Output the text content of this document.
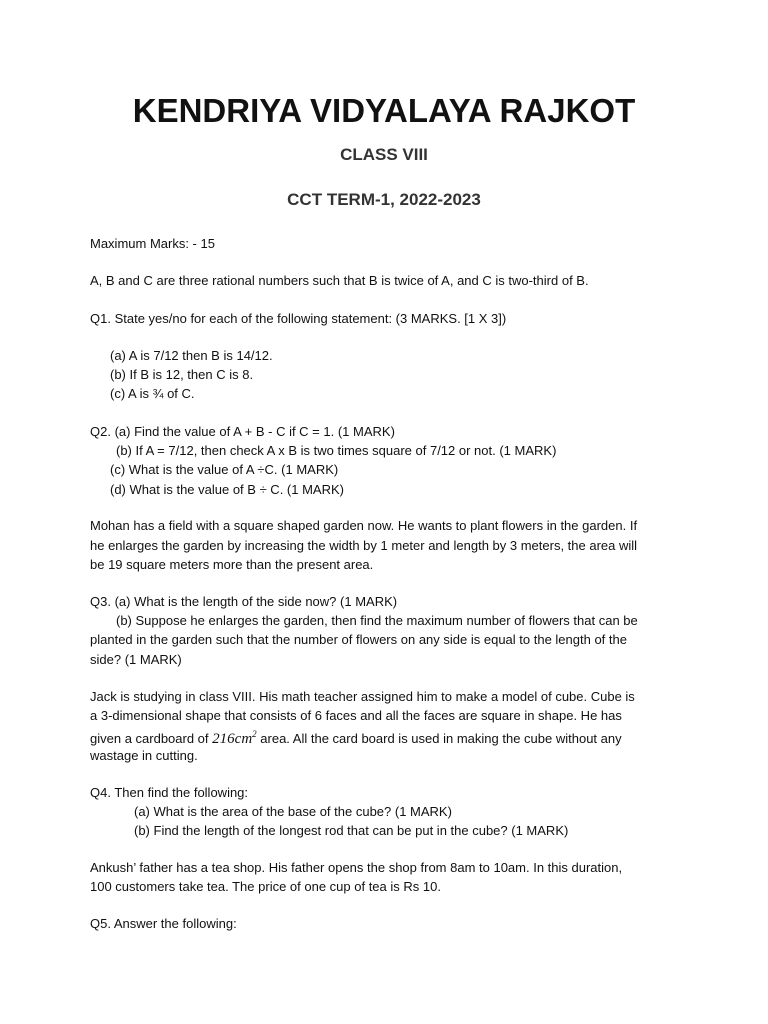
KENDRIYA VIDYALAYA RAJKOT
CLASS VIII
CCT TERM-1, 2022-2023
Maximum Marks: - 15
A, B and C are three rational numbers such that B is twice of A, and C is two-third of B.
Q1. State yes/no for each of the following statement: (3 MARKS. [1 X 3])
(a) A is 7/12 then B is 14/12.
(b) If B is 12, then C is 8.
(c) A is ¾ of C.
Q2. (a) Find the value of A + B - C if C = 1. (1 MARK)
(b) If A = 7/12, then check A x B is two times square of 7/12 or not. (1 MARK)
(c) What is the value of A ÷C. (1 MARK)
(d) What is the value of B ÷ C. (1 MARK)
Mohan has a field with a square shaped garden now. He wants to plant flowers in the garden. If
he enlarges the garden by increasing the width by 1 meter and length by 3 meters, the area will
be 19 square meters more than the present area.
Q3. (a) What is the length of the side now? (1 MARK)
(b) Suppose he enlarges the garden, then find the maximum number of flowers that can be
planted in the garden such that the number of flowers on any side is equal to the length of the
side? (1 MARK)
Jack is studying in class VIII. His math teacher assigned him to make a model of cube. Cube is
a 3-dimensional shape that consists of 6 faces and all the faces are square in shape. He has
given a cardboard of $216cm^2$ area. All the card board is used in making the cube without any
wastage in cutting.
Q4. Then find the following:
(a) What is the area of the base of the cube? (1 MARK)
(b) Find the length of the longest rod that can be put in the cube? (1 MARK)
Ankush’ father has a tea shop. His father opens the shop from 8am to 10am. In this duration,
100 customers take tea. The price of one cup of tea is Rs 10.
Q5. Answer the following:
